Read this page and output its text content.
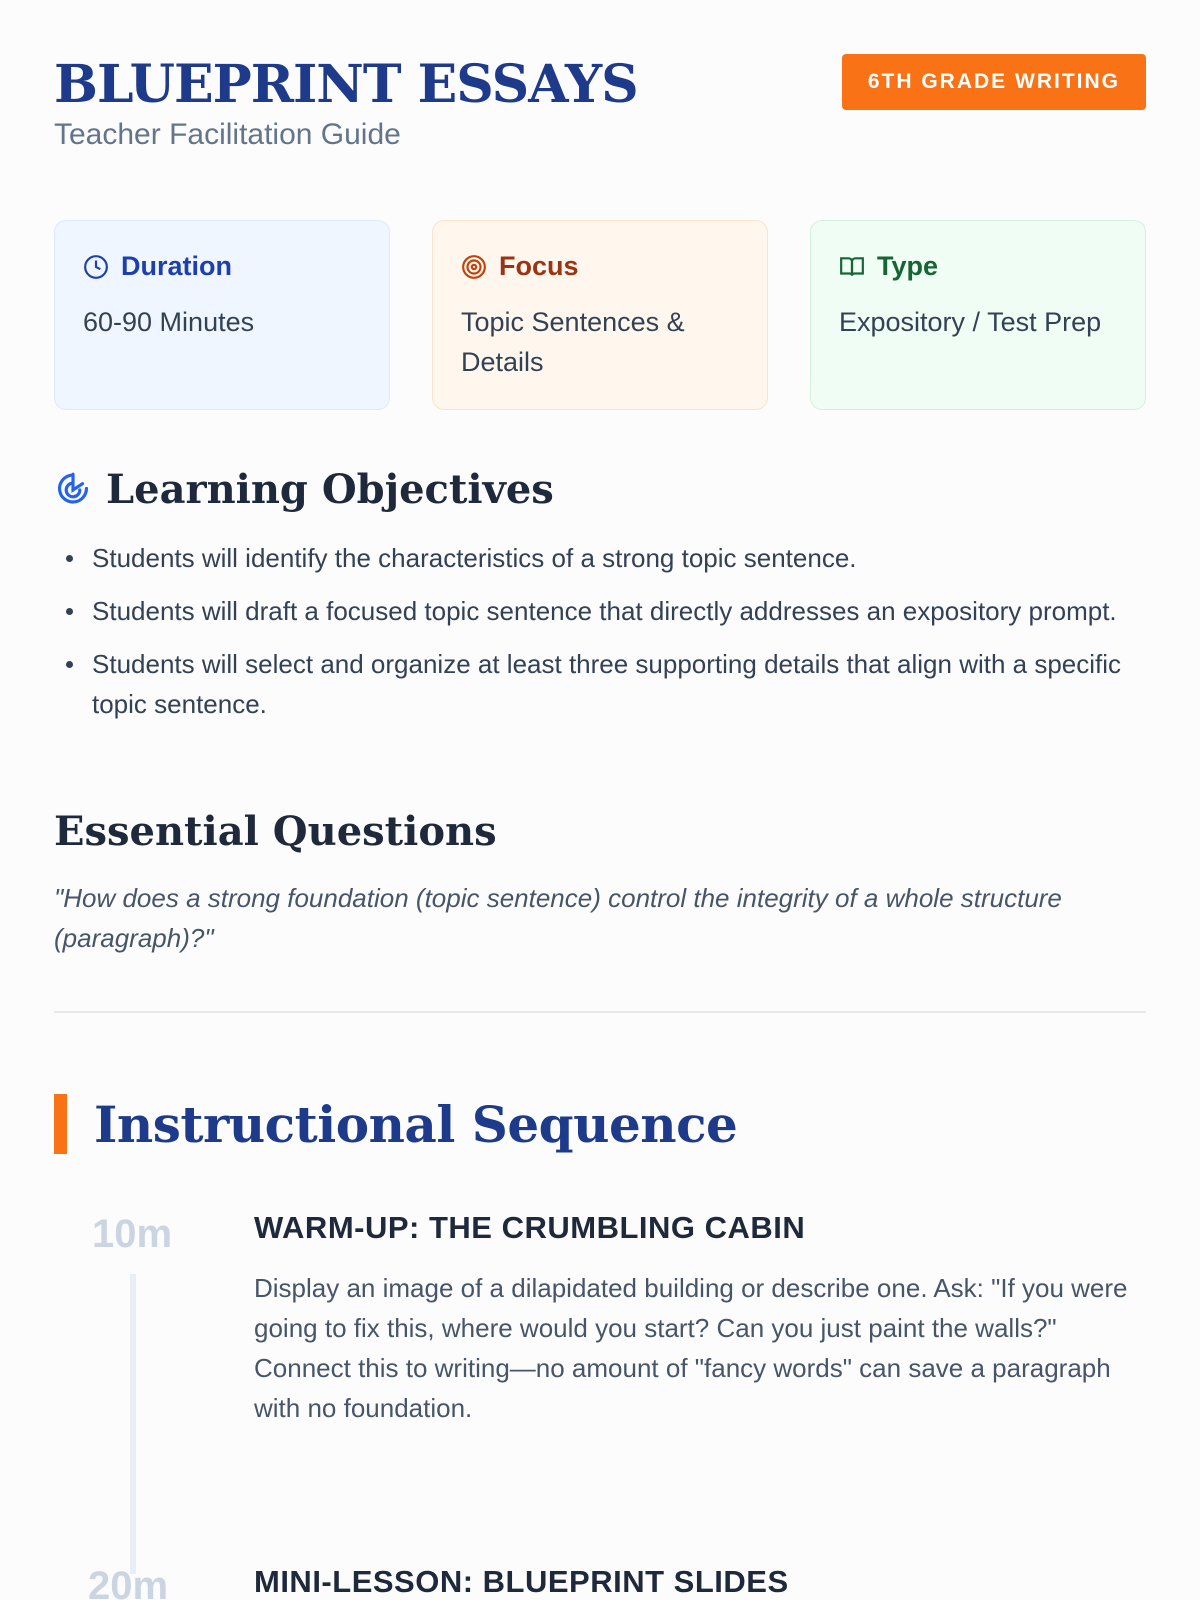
BLUEPRINT ESSAYS
Teacher Facilitation Guide
6TH GRADE WRITING
Duration
60-90 Minutes
Focus
Topic Sentences & Details
Type
Expository / Test Prep
Learning Objectives
Students will identify the characteristics of a strong topic sentence.
Students will draft a focused topic sentence that directly addresses an expository prompt.
Students will select and organize at least three supporting details that align with a specific topic sentence.
Essential Questions

"How does a strong foundation (topic sentence) control the integrity of a whole structure (paragraph)?"

Instructional Sequence
10m	WARM-UP: THE CRUMBLING CABIN
Display an image of a dilapidated building or describe one. Ask: "If you were going to fix this, where would you start? Can you just paint the walls?" Connect this to writing—no amount of "fancy words" can save a paragraph with no foundation.
20m	MINI-LESSON: BLUEPRINT SLIDES
